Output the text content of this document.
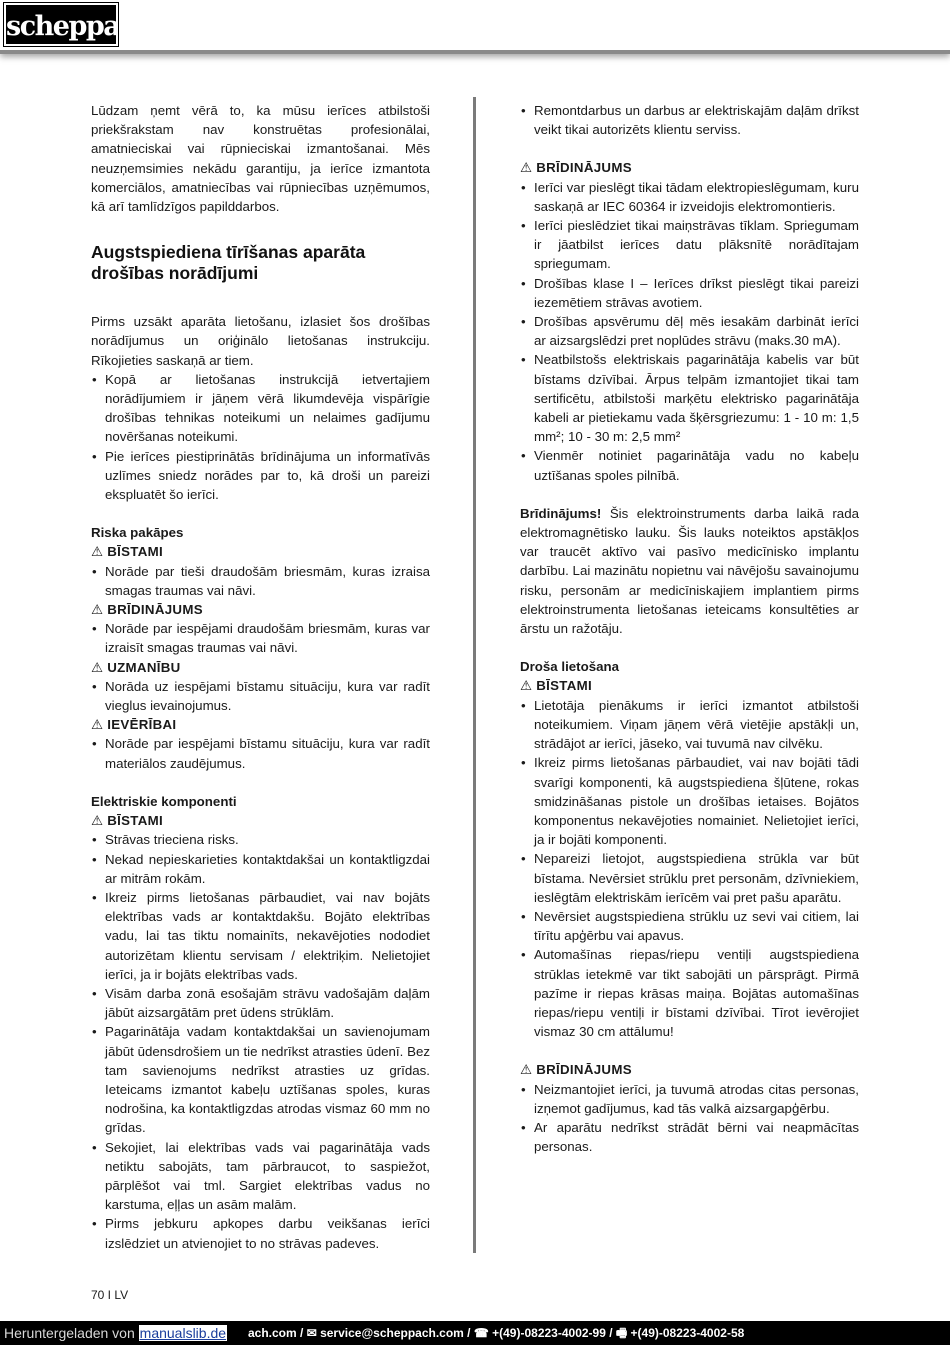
scheppach

Lūdzam ņemt vērā to, ka mūsu ierīces atbilstoši priekšrakstam nav konstruētas profesionālai, amatnieciskai vai rūpnieciskai izmantošanai. Mēs neuzņemsimies nekādu garantiju, ja ierīce izmantota komerciālos, amatniecības vai rūpniecības uzņēmumos, kā arī tamlīdzīgos papilddarbos.

Augstspiediena tīrīšanas aparāta drošības norādījumi

Pirms uzsākt aparāta lietošanu, izlasiet šos drošības norādījumus un oriģinālo lietošanas instrukciju. Rīkojieties saskaņā ar tiem.

• Kopā ar lietošanas instrukcijā ietvertajiem norādījumiem ir jāņem vērā likumdevēja vispārīgie drošības tehnikas noteikumi un nelaimes gadījumu novēršanas noteikumi.
• Pie ierīces piestiprinātās brīdinājuma un informatīvās uzlīmes sniedz norādes par to, kā droši un pareizi ekspluatēt šo ierīci.

Riska pakāpes

⚠ BĪSTAMI

• Norāde par tieši draudošām briesmām, kuras izraisa smagas traumas vai nāvi.

⚠ BRĪDINĀJUMS

• Norāde par iespējami draudošām briesmām, kuras var izraisīt smagas traumas vai nāvi.

⚠ UZMANĪBU

• Norāda uz iespējami bīstamu situāciju, kura var radīt vieglus ievainojumus.

⚠ IEVĒRĪBAI

• Norāde par iespējami bīstamu situāciju, kura var radīt materiālos zaudējumus.

Elektriskie komponenti

⚠ BĪSTAMI

• Strāvas trieciena risks.
• Nekad nepieskarieties kontaktdakšai un kontaktligzdai ar mitrām rokām.
• Ikreiz pirms lietošanas pārbaudiet, vai nav bojāts elektrības vads ar kontaktdakšu. Bojāto elektrības vadu, lai tas tiktu nomainīts, nekavējoties nododiet autorizētam klientu servisam / elektriķim. Nelietojiet ierīci, ja ir bojāts elektrības vads.
• Visām darba zonā esošajām strāvu vadošajām daļām jābūt aizsargātām pret ūdens strūklām.
• Pagarinātāja vadam kontaktdakšai un savienojumam jābūt ūdensdrošiem un tie nedrīkst atrasties ūdenī. Bez tam savienojums nedrīkst atrasties uz grīdas. Ieteicams izmantot kabeļu uztīšanas spoles, kuras nodrošina, ka kontaktligzdas atrodas vismaz 60 mm no grīdas.
• Sekojiet, lai elektrības vads vai pagarinātāja vads netiktu sabojāts, tam pārbraucot, to saspiežot, pārplēšot vai tml. Sargiet elektrības vadus no karstuma, eļļas un asām malām.
• Pirms jebkuru apkopes darbu veikšanas ierīci izslēdziet un atvienojiet to no strāvas padeves.
• Remontdarbus un darbus ar elektriskajām daļām drīkst veikt tikai autorizēts klientu serviss.

⚠ BRĪDINĀJUMS

• Ierīci var pieslēgt tikai tādam elektropieslēgumam, kuru saskaņā ar IEC 60364 ir izveidojis elektromontieris.
• Ierīci pieslēdziet tikai maiņstrāvas tīklam. Spriegumam ir jāatbilst ierīces datu plāksnītē norādītajam spriegumam.
• Drošības klase I – Ierīces drīkst pieslēgt tikai pareizi iezemētiem strāvas avotiem.
• Drošības apsvērumu dēļ mēs iesakām darbināt ierīci ar aizsargslēdzi pret noplūdes strāvu (maks.30 mA).
• Neatbilstošs elektriskais pagarinātāja kabelis var būt bīstams dzīvībai. Ārpus telpām izmantojiet tikai tam sertificētu, atbilstoši marķētu elektrisko pagarinātāja kabeli ar pietiekamu vada šķērsgriezumu: 1 - 10 m: 1,5 mm²; 10 - 30 m: 2,5 mm²
• Vienmēr notiniet pagarinātāja vadu no kabeļu uztīšanas spoles pilnībā.

Brīdinājums! Šis elektroinstruments darba laikā rada elektromagnētisko lauku. Šis lauks noteiktos apstākļos var traucēt aktīvo vai pasīvo medicīnisko implantu darbību. Lai mazinātu nopietnu vai nāvējošu savainojumu risku, personām ar medicīniskajiem implantiem pirms elektroinstrumenta lietošanas ieteicams konsultēties ar ārstu un ražotāju.

Droša lietošana

⚠ BĪSTAMI

• Lietotāja pienākums ir ierīci izmantot atbilstoši noteikumiem. Viņam jāņem vērā vietējie apstākļi un, strādājot ar ierīci, jāseko, vai tuvumā nav cilvēku.
• Ikreiz pirms lietošanas pārbaudiet, vai nav bojāti tādi svarīgi komponenti, kā augstspiediena šļūtene, rokas smidzināšanas pistole un drošības ietaises. Bojātos komponentus nekavējoties nomainiet. Nelietojiet ierīci, ja ir bojāti komponenti.
• Nepareizi lietojot, augstspiediena strūkla var būt bīstama. Nevērsiet strūklu pret personām, dzīvniekiem, ieslēgtām elektriskām ierīcēm vai pret pašu aparātu.
• Nevērsiet augstspiediena strūklu uz sevi vai citiem, lai tīrītu apģērbu vai apavus.
• Automašīnas riepas/riepu ventiļi augstspiediena strūklas ietekmē var tikt sabojāti un pārsprāgt. Pirmā pazīme ir riepas krāsas maiņa. Bojātas automašīnas riepas/riepu ventiļi ir bīstami dzīvībai. Tīrot ievērojiet vismaz 30 cm attālumu!

⚠ BRĪDINĀJUMS

• Neizmantojiet ierīci, ja tuvumā atrodas citas personas, izņemot gadījumus, kad tās valkā aizsargapģērbu.
• Ar aparātu nedrīkst strādāt bērni vai neapmācītas personas.
70 I LV
ach.com / ✉ service@scheppach.com / ☎ +(49)-08223-4002-99 / 🖷 +(49)-08223-4002-58
Heruntergeladen von manualslib.de
